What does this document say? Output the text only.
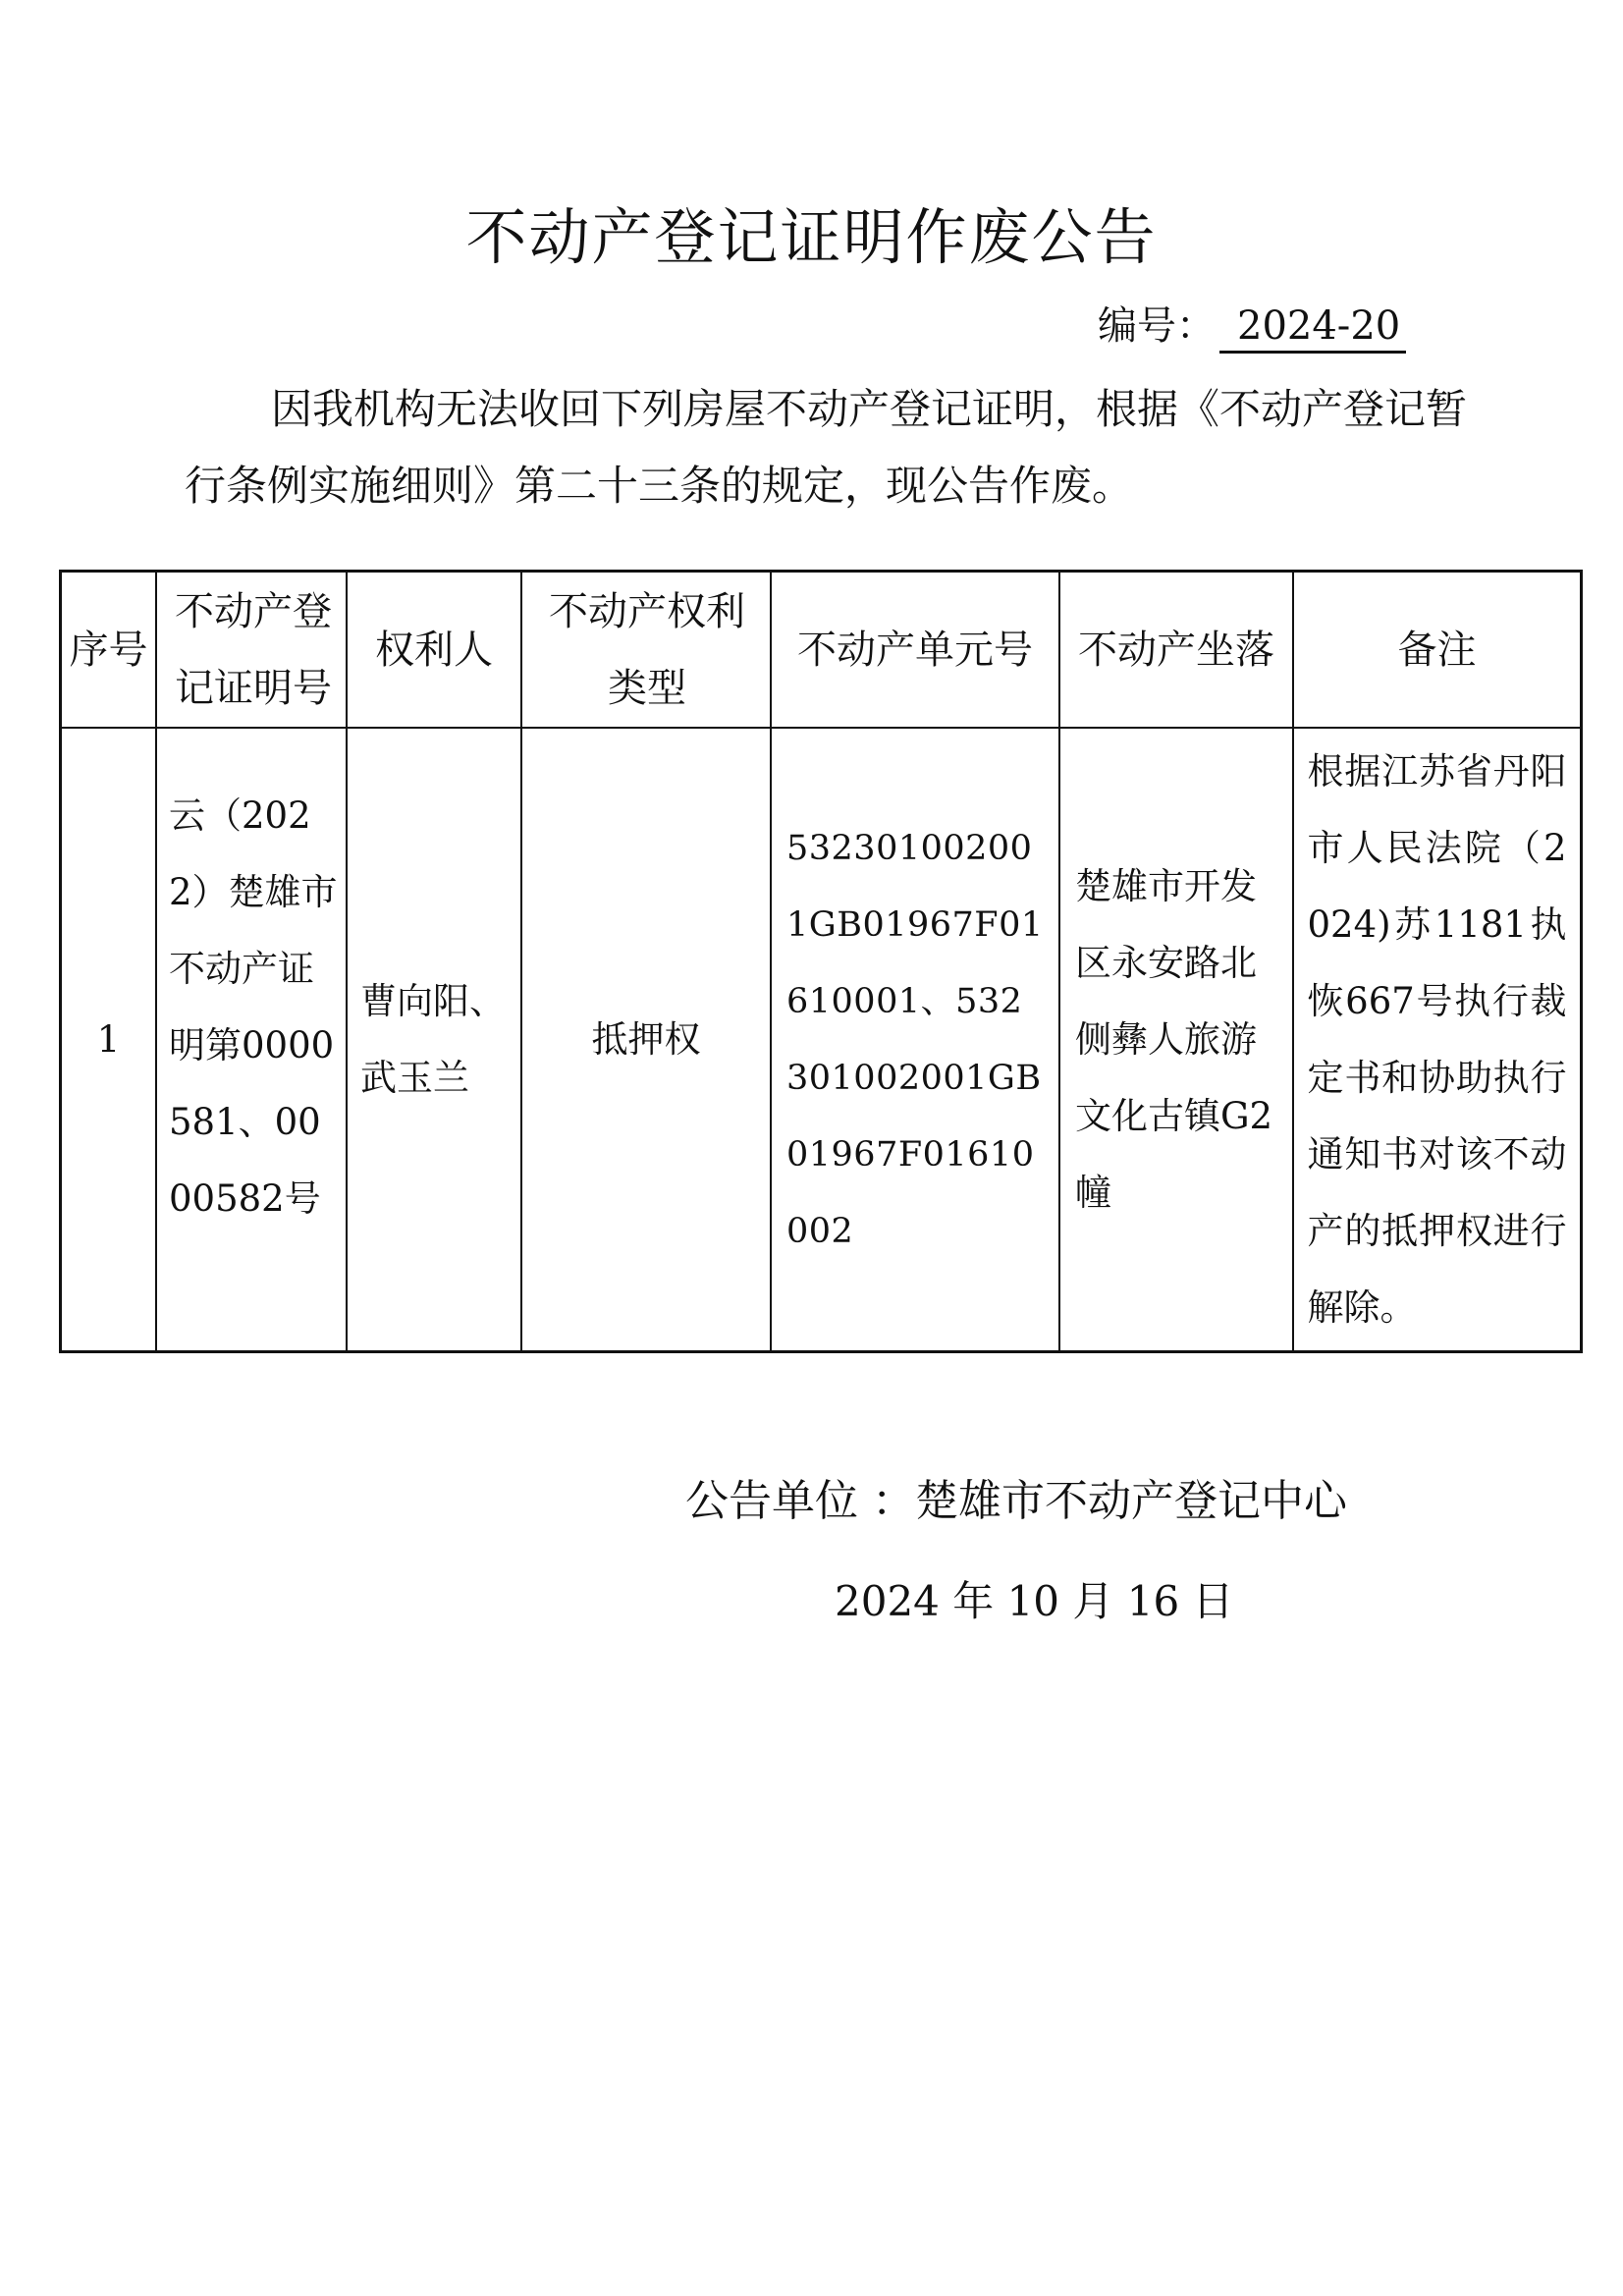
不动产登记证明作废公告
编号： 2024-20
因我机构无法收回下列房屋不动产登记证明，根据《不动产登记暂行条例实施细则》第二十三条的规定，现公告作废。
序号
不动产登记证明号
权利人
不动产权利类型
不动产单元号	不动产坐落	备注
1
云（2022）楚雄市不动产证明第0000581、0000582号
曹向阳、武玉兰
抵押权
532301002001GB01967F01610001、532301002001GB01967F01610002
楚雄市开发区永安路北侧彝人旅游文化古镇G2幢
根据江苏省丹阳市人民法院（2024)苏1181执恢667号执行裁定书和协助执行通知书对该不动产的抵押权进行解除。
公告单位 ：楚雄市不动产登记中心
2024 年 10 月 16 日
